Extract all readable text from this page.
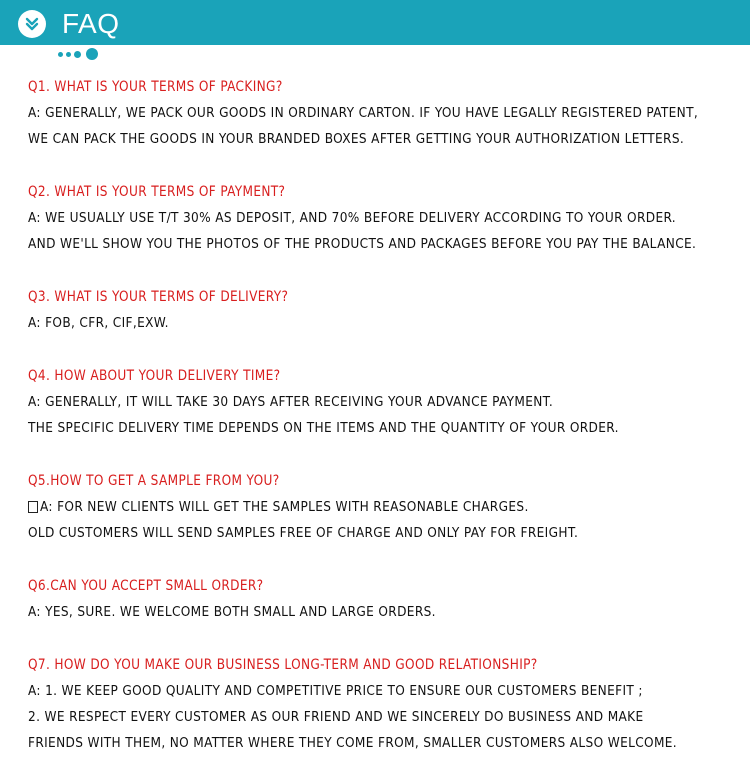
FAQ
Q1. WHAT IS YOUR TERMS OF PACKING?
A: GENERALLY, WE PACK OUR GOODS IN ORDINARY CARTON. IF YOU HAVE LEGALLY REGISTERED PATENT,
WE CAN PACK THE GOODS IN YOUR BRANDED BOXES AFTER GETTING YOUR AUTHORIZATION LETTERS.
Q2. WHAT IS YOUR TERMS OF PAYMENT?
A: WE USUALLY USE T/T 30% AS DEPOSIT, AND 70% BEFORE DELIVERY ACCORDING TO YOUR ORDER.
AND WE'LL SHOW YOU THE PHOTOS OF THE PRODUCTS AND PACKAGES BEFORE YOU PAY THE BALANCE.
Q3. WHAT IS YOUR TERMS OF DELIVERY?
A: FOB, CFR, CIF,EXW.
Q4. HOW ABOUT YOUR DELIVERY TIME?
A: GENERALLY, IT WILL TAKE 30 DAYS AFTER RECEIVING YOUR ADVANCE PAYMENT.
THE SPECIFIC DELIVERY TIME DEPENDS ON THE ITEMS AND THE QUANTITY OF YOUR ORDER.
Q5.HOW TO GET A SAMPLE FROM YOU?
A: FOR NEW CLIENTS WILL GET THE SAMPLES WITH REASONABLE CHARGES.
OLD CUSTOMERS WILL SEND SAMPLES FREE OF CHARGE AND ONLY PAY FOR FREIGHT.
Q6.CAN YOU ACCEPT SMALL ORDER?
A: YES, SURE. WE WELCOME BOTH SMALL AND LARGE ORDERS.
Q7. HOW DO YOU MAKE OUR BUSINESS LONG-TERM AND GOOD RELATIONSHIP?
A: 1. WE KEEP GOOD QUALITY AND COMPETITIVE PRICE TO ENSURE OUR CUSTOMERS BENEFIT ;
2. WE RESPECT EVERY CUSTOMER AS OUR FRIEND AND WE SINCERELY DO BUSINESS AND MAKE
FRIENDS WITH THEM, NO MATTER WHERE THEY COME FROM, SMALLER CUSTOMERS ALSO WELCOME.
